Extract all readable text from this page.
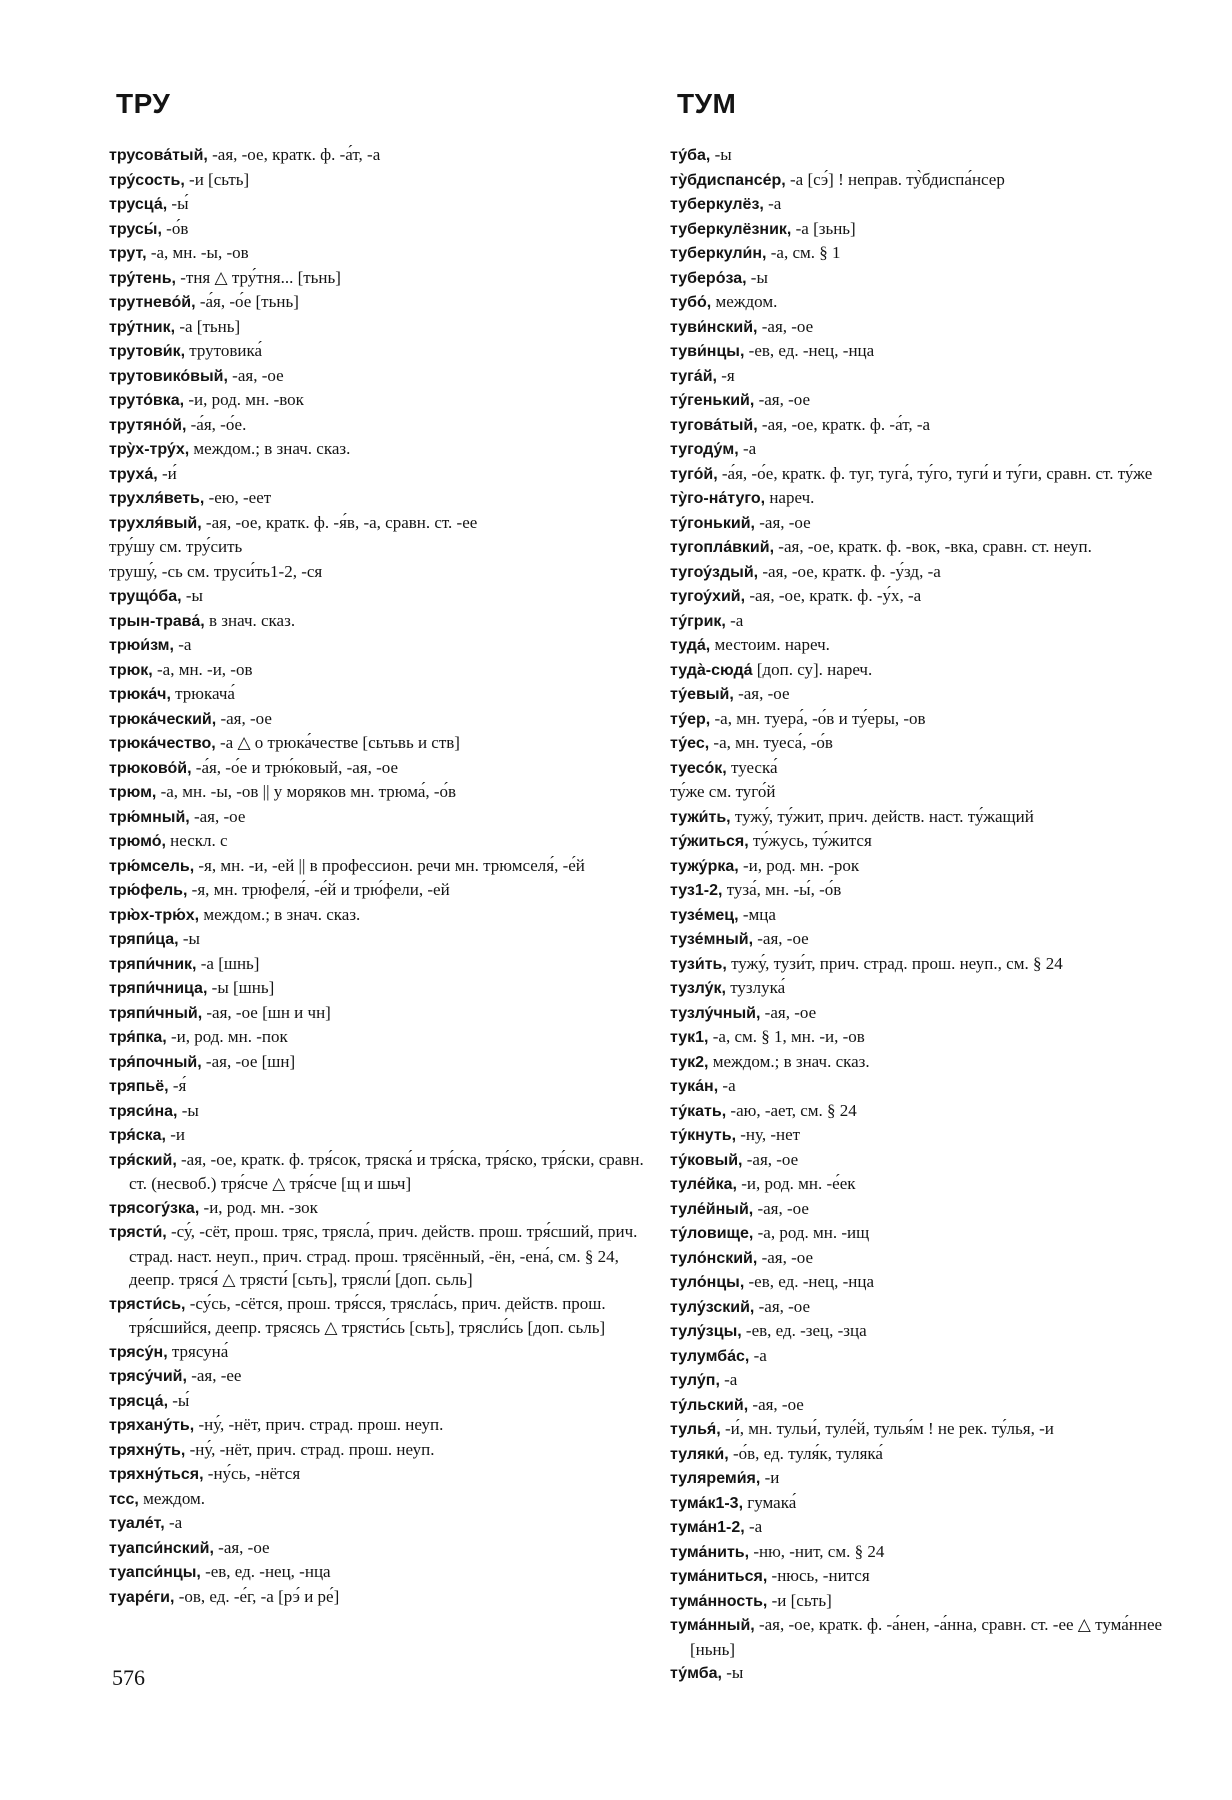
ТРУ	ТУМ

трусова́тый, -ая, -ое, кратк. ф. -а́т, -а

тру́сость, -и [сьть]

трусца́, -ы́

трусы́, -о́в

трут, -а, мн. -ы, -ов

тру́тень, -тня △ тру́тня... [тьнь]

трутнево́й, -а́я, -о́е [тьнь]

тру́тник, -а [тьнь]

трутови́к, трутовика́

трутовико́вый, -ая, -ое

труто́вка, -и, род. мн. -вок

трутяно́й, -а́я, -о́е.

тру̀х-тру́х, междом.; в знач. сказ.

труха́, -и́

трухля́веть, -ею, -еет

трухля́вый, -ая, -ое, кратк. ф. -я́в, -а, сравн. ст. -ее

тру́шу см. тру́сить

трушу́, -сь см. труси́ть1-2, -ся

трущо́ба, -ы

трын-трава́, в знач. сказ.

трюи́зм, -а

трюк, -а, мн. -и, -ов

трюка́ч, трюкача́

трюка́ческий, -ая, -ое

трюка́чество, -а △ о трюка́честве [сьтьвь и ств]

трюково́й, -а́я, -о́е и трю́ковый, -ая, -ое

трюм, -а, мн. -ы, -ов || у моряков мн. трюма́, -о́в

трю́мный, -ая, -ое

трюмо́, нескл. с

трю́мсель, -я, мн. -и, -ей || в профессион. речи мн. трюмселя́, -е́й

трю́фель, -я, мн. трюфеля́, -е́й и трю́фели, -ей

трю̀х-трю́х, междом.; в знач. сказ.

тряпи́ца, -ы

тряпи́чник, -а [шнь]

тряпи́чница, -ы [шнь]

тряпи́чный, -ая, -ое [шн и чн]

тря́пка, -и, род. мн. -пок

тря́почный, -ая, -ое [шн]

тряпьё, -я́

тряси́на, -ы

тря́ска, -и

тря́ский, -ая, -ое, кратк. ф. тря́сок, тряска́ и тря́ска, тря́ско, тря́ски, сравн. ст. (несвоб.) тря́сче △ тря́сче [щ и шьч]

трясогу́зка, -и, род. мн. -зок

трясти́, -су́, -сёт, прош. тряс, трясла́, прич. действ. прош. тря́сший, прич. страд. наст. неуп., прич. страд. прош. трясённый, -ён, -ена́, см. § 24, деепр. тряся́ △ трясти́ [сьть], трясли́ [доп. сьль]

трясти́сь, -су́сь, -сётся, прош. тря́сся, трясла́сь, прич. действ. прош. тря́сшийся, деепр. трясясь △ трясти́сь [сьть], трясли́сь [доп. сьль]

трясу́н, трясуна́

трясу́чий, -ая, -ее

трясца́, -ы́

тряхану́ть, -ну́, -нёт, прич. страд. прош. неуп.

тряхну́ть, -ну́, -нёт, прич. страд. прош. неуп.

тряхну́ться, -ну́сь, -нётся

тсс, междом.

туале́т, -а

туапси́нский, -ая, -ое

туапси́нцы, -ев, ед. -нец, -нца

туаре́ги, -ов, ед. -е́г, -а [рэ́ и ре́]

ту́ба, -ы

ту̀бдиспансе́р, -а [сэ́] ! неправ. ту̀бдиспа́нсер

туберкулёз, -а

туберкулёзник, -а [зьнь]

туберкули́н, -а, см. § 1

тубеpо́за, -ы

тубо́, междом.

туви́нский, -ая, -ое

туви́нцы, -ев, ед. -нец, -нца

туга́й, -я

ту́генький, -ая, -ое

тугова́тый, -ая, -ое, кратк. ф. -а́т, -а

тугоду́м, -а

туго́й, -а́я, -о́е, кратк. ф. туг, туга́, ту́го, туги́ и ту́ги, сравн. ст. ту́же

ту̀го-на́туго, нареч.

ту́гонький, -ая, -ое

тугопла́вкий, -ая, -ое, кратк. ф. -вок, -вка, сравн. ст. неуп.

тугоу́здый, -ая, -ое, кратк. ф. -у́зд, -а

тугоу́хий, -ая, -ое, кратк. ф. -у́х, -а

ту́грик, -а

туда́, местоим. нареч.

туда̀-сюда́ [доп. су]. нареч.

ту́евый, -ая, -ое

ту́ер, -а, мн. туера́, -о́в и ту́еры, -ов

ту́ес, -а, мн. туеса́, -о́в

туесо́к, туеска́

ту́же см. туго́й

тужи́ть, тужу́, ту́жит, прич. действ. наст. ту́жащий

ту́житься, ту́жусь, ту́жится

тужу́рка, -и, род. мн. -рок

туз1-2, туза́, мн. -ы́, -о́в

тузе́мец, -мца

тузе́мный, -ая, -ое

тузи́ть, тужу́, тузи́т, прич. страд. прош. неуп., см. § 24

тузлу́к, тузлука́

тузлу́чный, -ая, -ое

тук1, -а, см. § 1, мн. -и, -ов

тук2, междом.; в знач. сказ.

тука́н, -а

ту́кать, -аю, -ает, см. § 24

ту́кнуть, -ну, -нет

ту́ковый, -ая, -ое

туле́йка, -и, род. мн. -е́ек

туле́йный, -ая, -ое

ту́ловище, -а, род. мн. -ищ

туло́нский, -ая, -ое

туло́нцы, -ев, ед. -нец, -нца

тулу́зский, -ая, -ое

тулу́зцы, -ев, ед. -зец, -зца

тулумба́с, -а

тулу́п, -а

ту́льский, -ая, -ое

тулья́, -и́, мн. тульи́, туле́й, тулья́м ! не рек. ту́лья, -и

туляки́, -о́в, ед. туля́к, туляка́

туляреми́я, -и

тума́к1-3, гумака́

тума́н1-2, -а

тума́нить, -ню, -нит, см. § 24

тума́ниться, -нюсь, -нится

тума́нность, -и [сьть]

тума́нный, -ая, -ое, кратк. ф. -а́нен, -а́нна, сравн. ст. -ее △ тума́ннее [ньнь]

ту́мба, -ы

576
